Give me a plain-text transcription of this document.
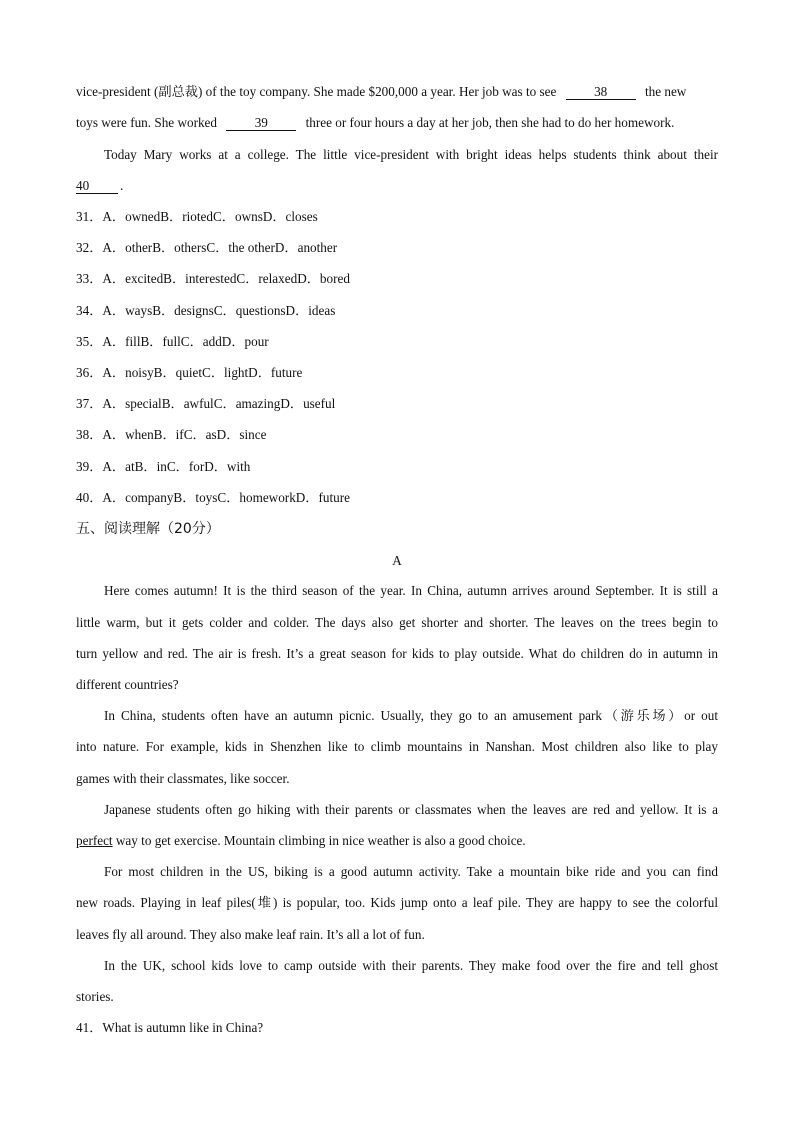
vice-president (副总裁) of the toy company. She made $200,000 a year. Her job was to see	38	the new
toys were fun. She worked	39	three or four hours a day at her job, then she had to do her homework.
Today Mary works at a college. The little vice-president with bright ideas helps students think about their
40 .
31．A．ownedB．riotedC．ownsD．closes
32．A．otherB．othersC．the otherD．another
33．A．excitedB．interestedC．relaxedD．bored
34．A．waysB．designsC．questionsD．ideas
35．A．fillB．fullC．addD．pour
36．A．noisyB．quietC．lightD．future
37．A．specialB．awfulC．amazingD．useful
38．A．whenB．ifC．asD．since
39．A．atB．inC．forD．with
40．A．companyB．toysC．homeworkD．future
五、阅读理解（20分）
A
Here comes autumn! It is the third season of the year. In China, autumn arrives around September. It is still a
little warm, but it gets colder and colder. The days also get shorter and shorter. The leaves on the trees begin to
turn yellow and red. The air is fresh. It’s a great season for kids to play outside. What do children do in autumn in
different countries?
In China, students often have an autumn picnic. Usually, they go to an amusement park（游乐场）or out
into nature. For example, kids in Shenzhen like to climb mountains in Nanshan. Most children also like to play
games with their classmates, like soccer.
Japanese students often go hiking with their parents or classmates when the leaves are red and yellow. It is a
perfect way to get exercise. Mountain climbing in nice weather is also a good choice.
For most children in the US, biking is a good autumn activity. Take a mountain bike ride and you can find
new roads. Playing in leaf piles(堆) is popular, too. Kids jump onto a leaf pile. They are happy to see the colorful
leaves fly all around. They also make leaf rain. It’s all a lot of fun.
In the UK, school kids love to camp outside with their parents. They make food over the fire and tell ghost
stories.
41．What is autumn like in China?
